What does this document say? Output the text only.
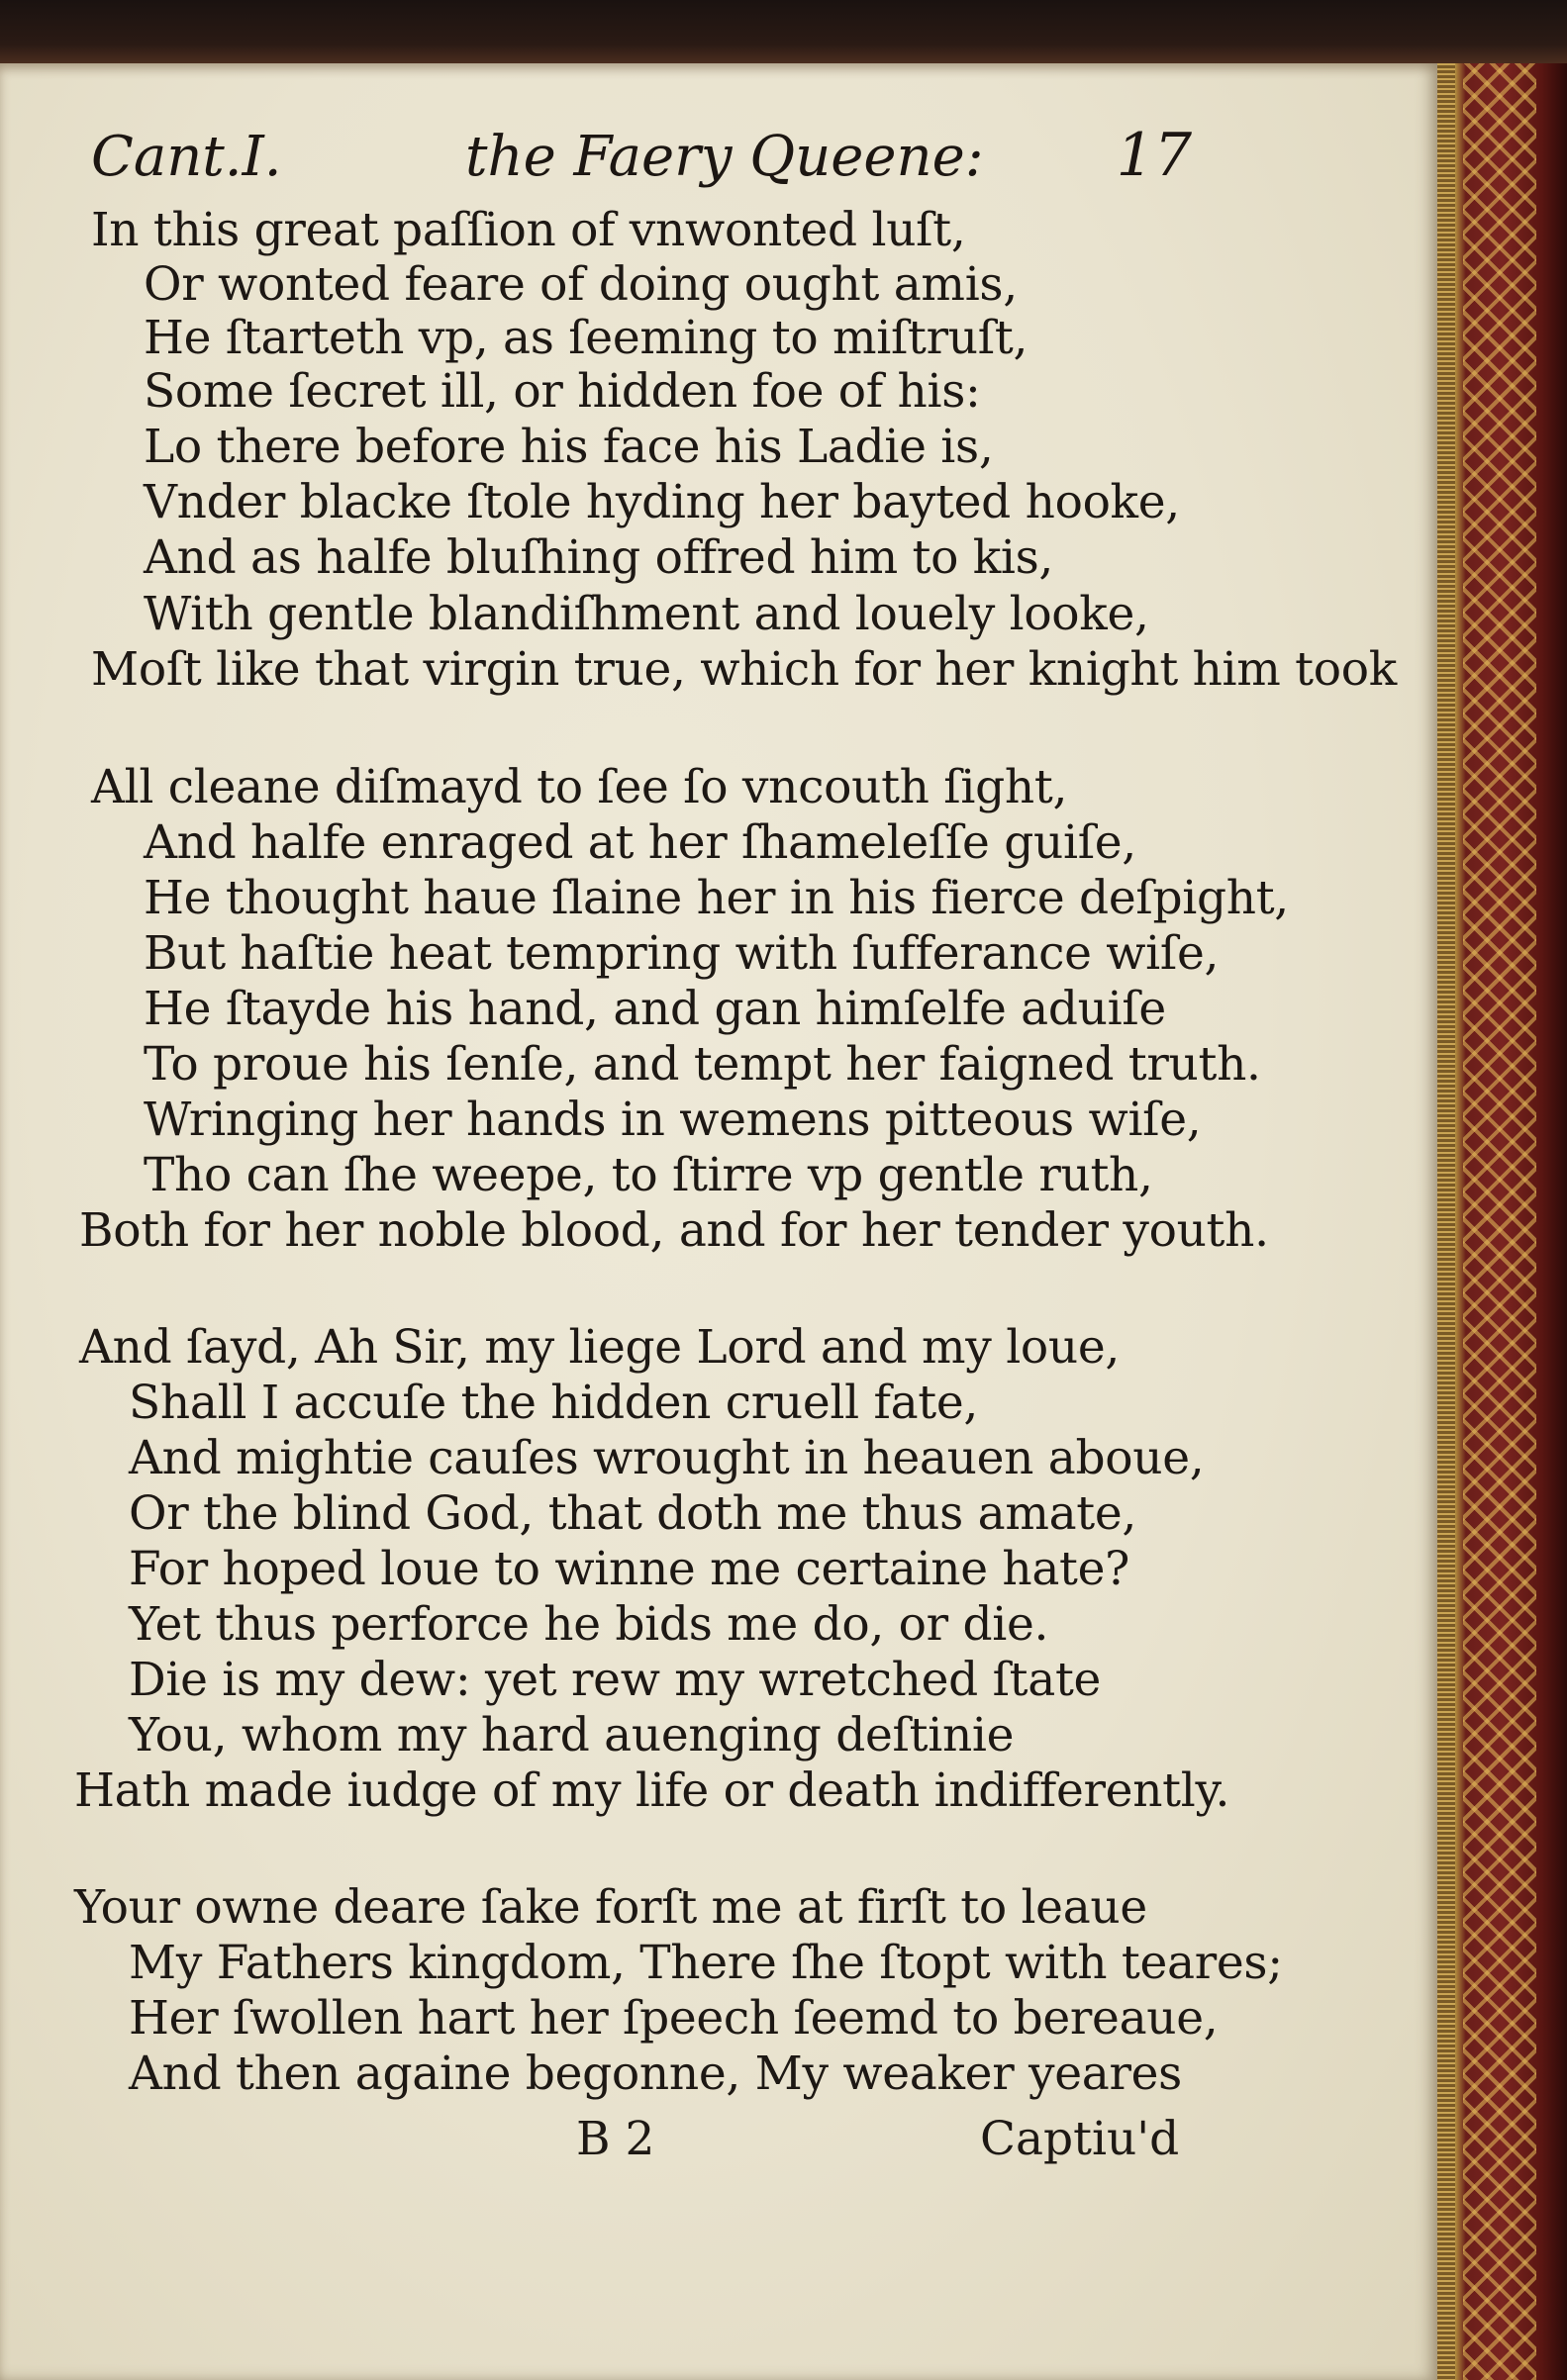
Cant.I.	the Faery Queene: 17
In this great paſſion of vnwonted luſt,
Or wonted feare of doing ought amis,
He ſtarteth vp, as ſeeming to miſtruſt,
Some ſecret ill, or hidden foe of his:
Lo there before his face his Ladie is,
Vnder blacke ſtole hyding her bayted hooke,
And as halfe bluſhing offred him to kis,
With gentle blandiſhment and louely looke,
Moſt like that virgin true, which for her knight him took
All cleane diſmayd to ſee ſo vncouth ſight,
And halfe enraged at her ſhameleſſe guiſe,
He thought haue ſlaine her in his fierce deſpight,
But haſtie heat tempring with ſufferance wiſe,
He ſtayde his hand, and gan himſelfe aduiſe
To proue his ſenſe, and tempt her faigned truth.
Wringing her hands in wemens pitteous wiſe,
Tho can ſhe weepe, to ſtirre vp gentle ruth,
Both for her noble blood, and for her tender youth.
And ſayd, Ah Sir, my liege Lord and my loue,
Shall I accuſe the hidden cruell fate,
And mightie cauſes wrought in heauen aboue,
Or the blind God, that doth me thus amate,
For hoped loue to winne me certaine hate?
Yet thus perforce he bids me do, or die.
Die is my dew: yet rew my wretched ſtate
You, whom my hard auenging deſtinie
Hath made iudge of my life or death indifferently.
Your owne deare ſake forſt me at firſt to leaue
My Fathers kingdom, There ſhe ſtopt with teares;
Her ſwollen hart her ſpeech ſeemd to bereaue,
And then againe begonne, My weaker yeares
B 2	Captiu'd
